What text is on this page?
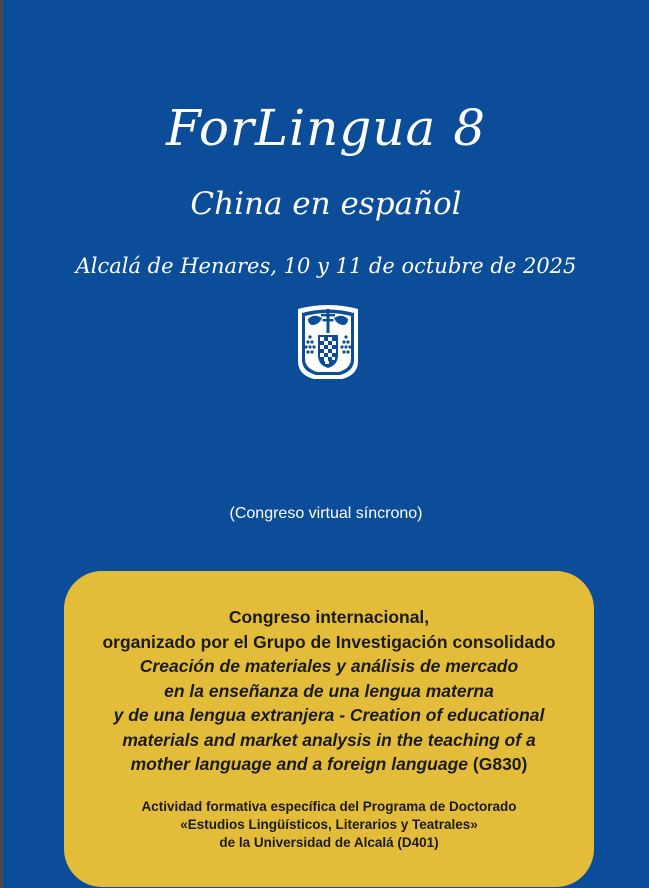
ForLingua 8
China en español
Alcalá de Henares, 10 y 11 de octubre de 2025
(Congreso virtual síncrono)
Congreso internacional,
organizado por el Grupo de Investigación consolidado
Creación de materiales y análisis de mercado
en la enseñanza de una lengua materna
y de una lengua extranjera - Creation of educational
materials and market analysis in the teaching of a
mother language and a foreign language (G830)
Actividad formativa específica del Programa de Doctorado
«Estudios Lingüísticos, Literarios y Teatrales»
de la Universidad de Alcalá (D401)
